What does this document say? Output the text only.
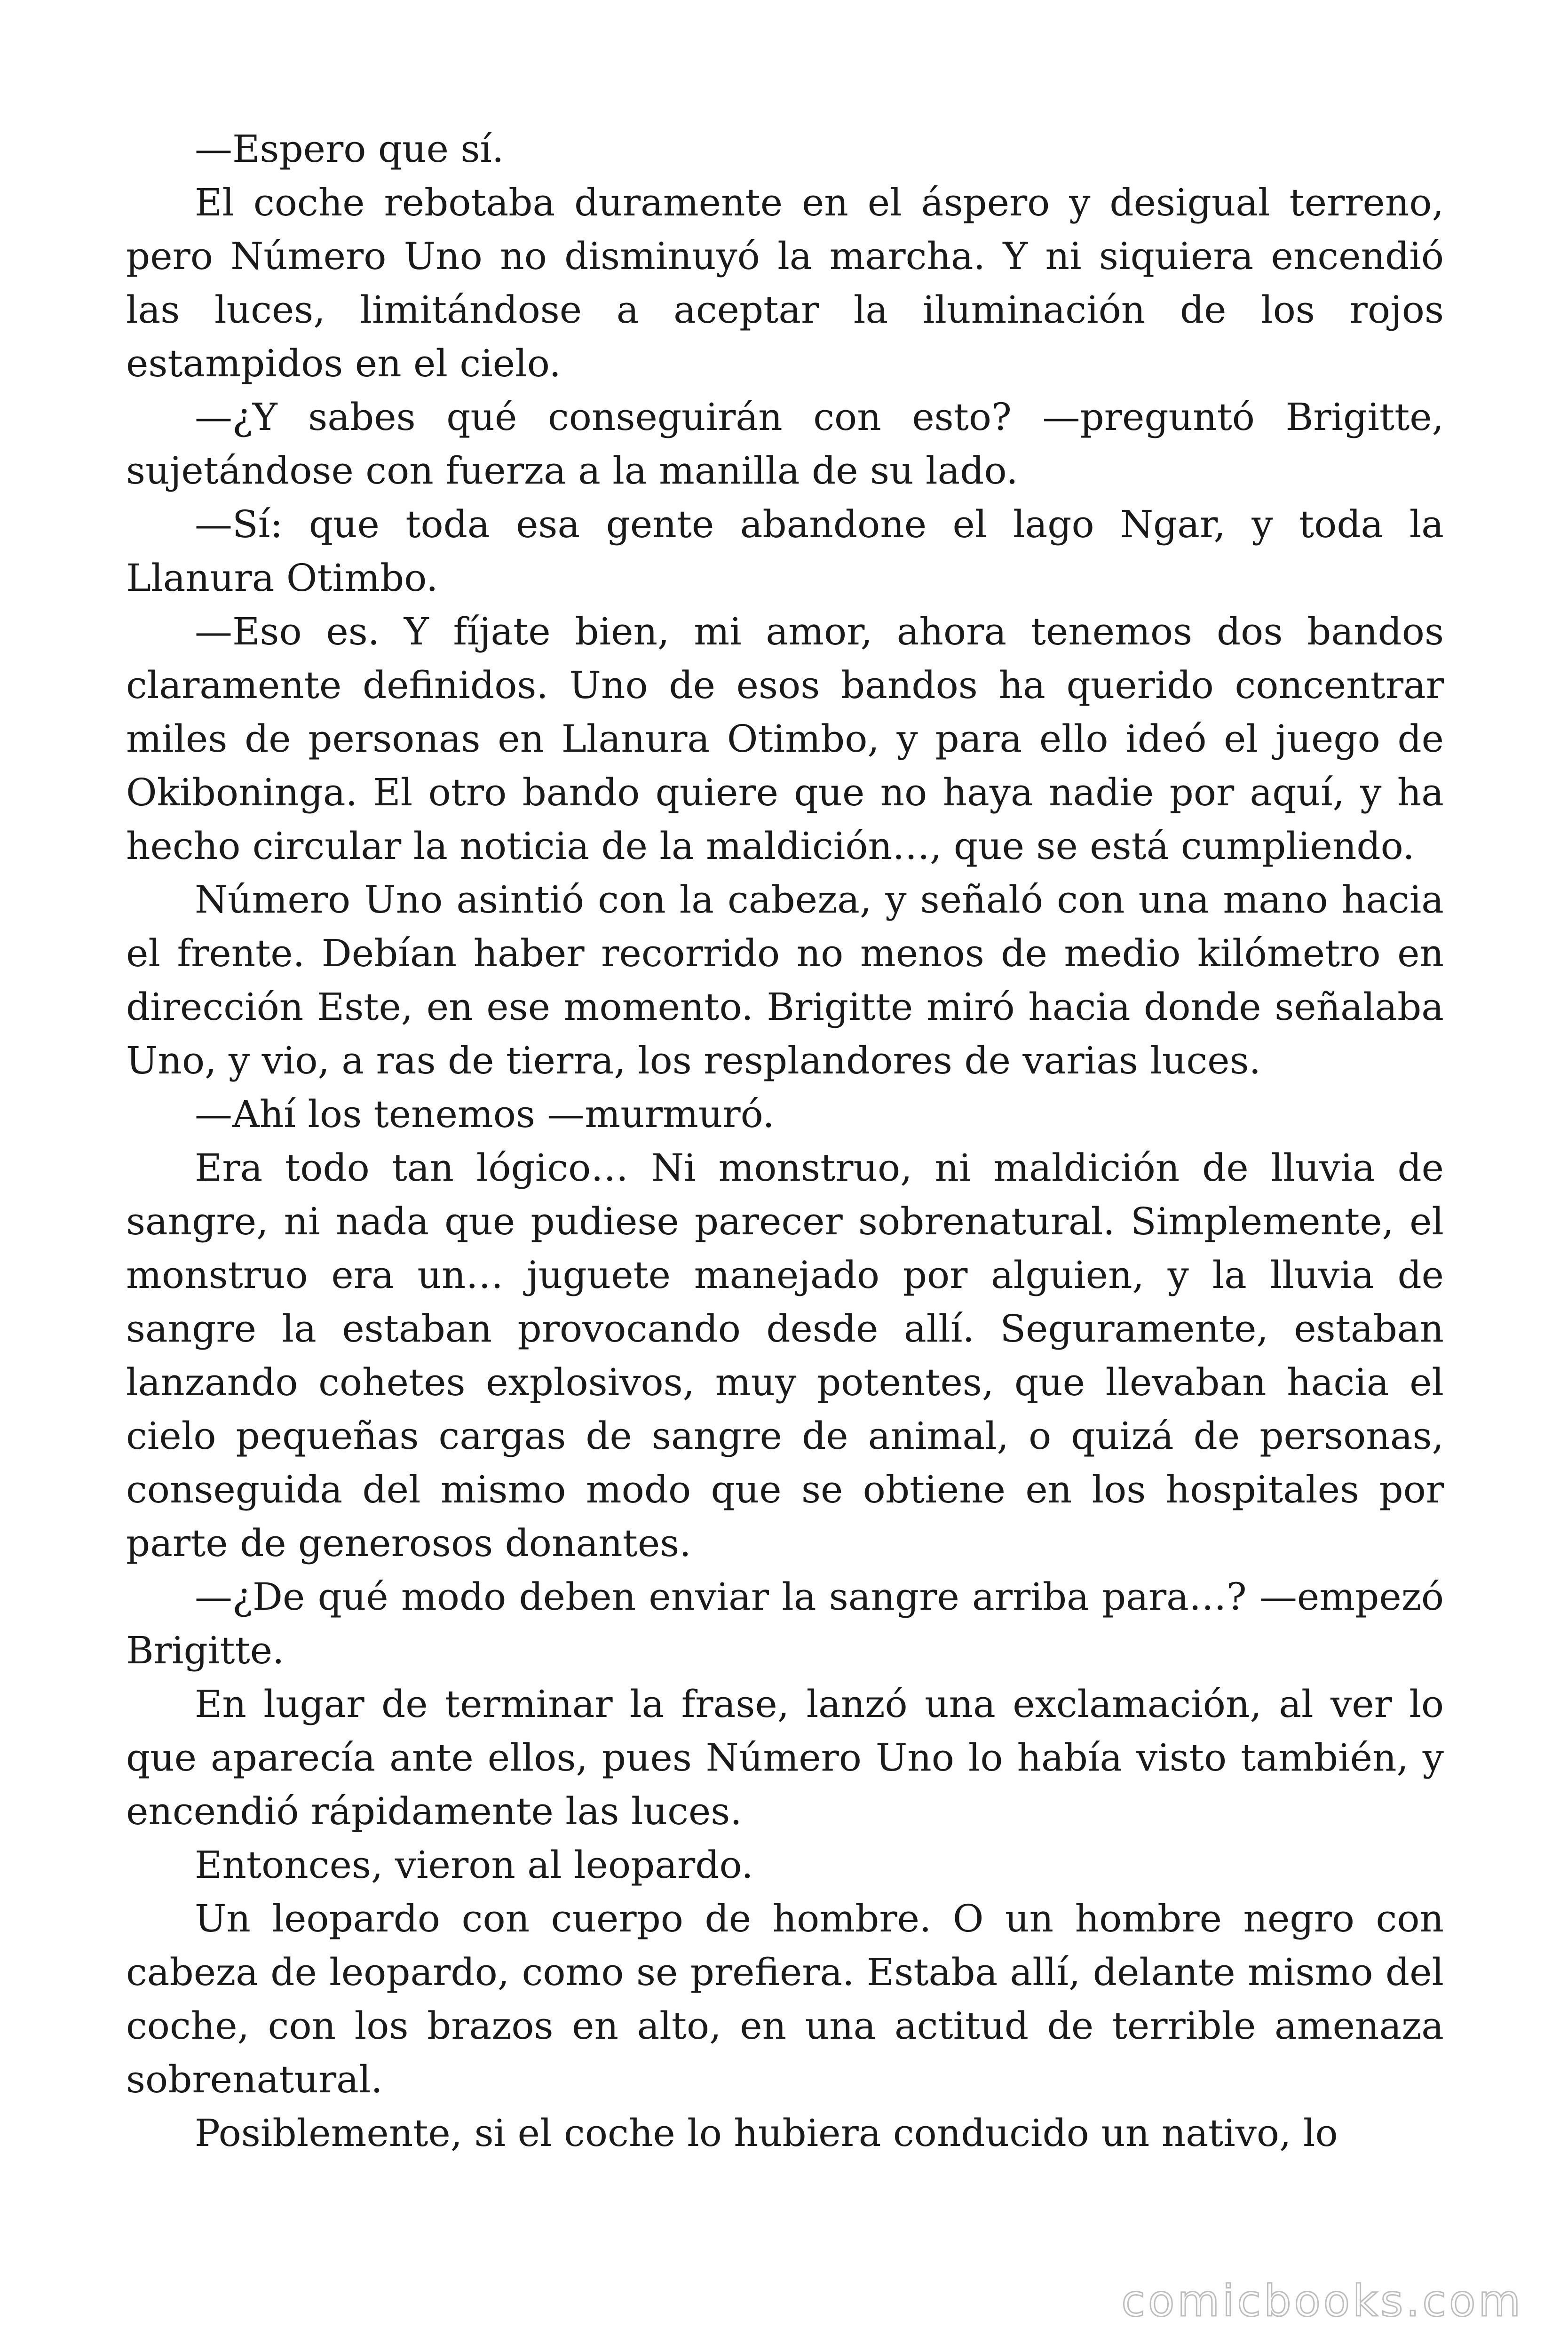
—Espero que sí.

El coche rebotaba duramente en el áspero y desigual terreno, pero Número Uno no disminuyó la marcha. Y ni siquiera encendió las luces, limitándose a aceptar la iluminación de los rojos estampidos en el cielo.

—¿Y sabes qué conseguirán con esto? —preguntó Brigitte, sujetándose con fuerza a la manilla de su lado.

—Sí: que toda esa gente abandone el lago Ngar, y toda la Llanura Otimbo.

—Eso es. Y fíjate bien, mi amor, ahora tenemos dos bandos claramente definidos. Uno de esos bandos ha querido concentrar miles de personas en Llanura Otimbo, y para ello ideó el juego de Okiboninga. El otro bando quiere que no haya nadie por aquí, y ha hecho circular la noticia de la maldición…, que se está cumpliendo.

Número Uno asintió con la cabeza, y señaló con una mano hacia el frente. Debían haber recorrido no menos de medio kilómetro en dirección Este, en ese momento. Brigitte miró hacia donde señalaba Uno, y vio, a ras de tierra, los resplandores de varias luces.

—Ahí los tenemos —murmuró.

Era todo tan lógico… Ni monstruo, ni maldición de lluvia de sangre, ni nada que pudiese parecer sobrenatural. Simplemente, el monstruo era un… juguete manejado por alguien, y la lluvia de sangre la estaban provocando desde allí. Seguramente, estaban lanzando cohetes explosivos, muy potentes, que llevaban hacia el cielo pequeñas cargas de sangre de animal, o quizá de personas, conseguida del mismo modo que se obtiene en los hospitales por parte de generosos donantes.

—¿De qué modo deben enviar la sangre arriba para…? —empezó Brigitte.

En lugar de terminar la frase, lanzó una exclamación, al ver lo que aparecía ante ellos, pues Número Uno lo había visto también, y encendió rápidamente las luces.

Entonces, vieron al leopardo.

Un leopardo con cuerpo de hombre. O un hombre negro con cabeza de leopardo, como se prefiera. Estaba allí, delante mismo del coche, con los brazos en alto, en una actitud de terrible amenaza sobrenatural.

Posiblemente, si el coche lo hubiera conducido un nativo, lo

comicbooks.com
